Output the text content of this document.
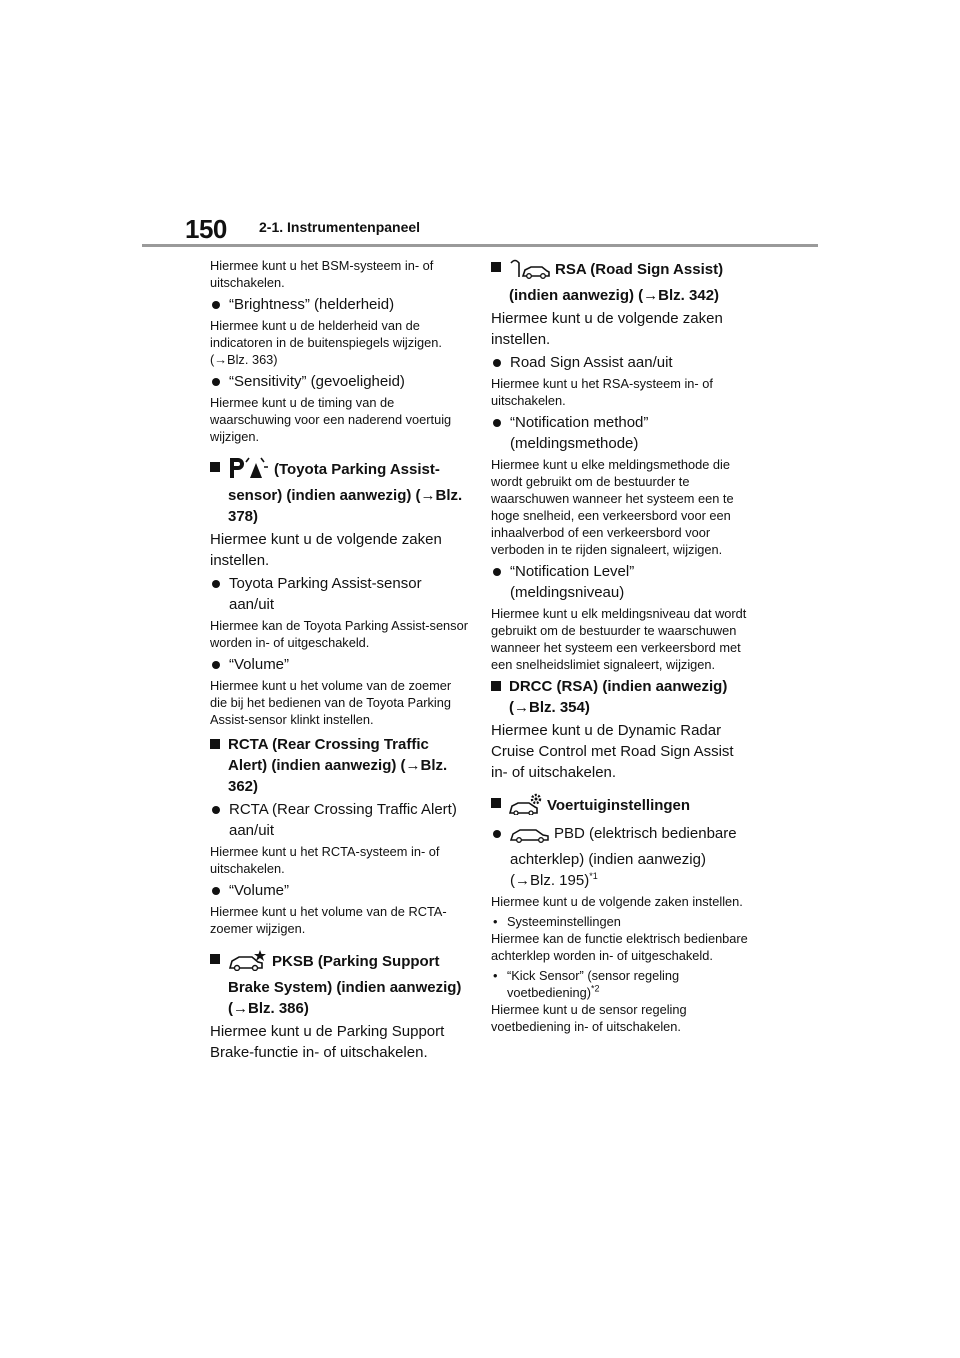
150 2-1. Instrumentenpaneel

Hiermee kunt u het BSM-systeem in- of uitschakelen.

“Brightness” (helderheid)

Hiermee kunt u de helderheid van de indicatoren in de buitenspiegels wijzigen.

(→Blz. 363)

“Sensitivity” (gevoeligheid)

Hiermee kunt u de timing van de waarschuwing voor een naderend voertuig wijzigen.

(Toyota Parking Assist-sensor) (indien aanwezig) (→Blz. 378)

Hiermee kunt u de volgende zaken instellen.

Toyota Parking Assist-sensor aan/uit

Hiermee kan de Toyota Parking Assist-sensor worden in- of uitgeschakeld.

“Volume”

Hiermee kunt u het volume van de zoemer die bij het bedienen van de Toyota Parking Assist-sensor klinkt instellen.

RCTA (Rear Crossing Traffic Alert) (indien aanwezig) (→Blz. 362)
RCTA (Rear Crossing Traffic Alert) aan/uit

Hiermee kunt u het RCTA-systeem in- of uitschakelen.

“Volume”

Hiermee kunt u het volume van de RCTA-zoemer wijzigen.

PKSB (Parking Support Brake System) (indien aanwezig) (→Blz. 386)

Hiermee kunt u de Parking Support Brake-functie in- of uitschakelen.

RSA (Road Sign Assist) (indien aanwezig) (→Blz. 342)

Hiermee kunt u de volgende zaken instellen.

Road Sign Assist aan/uit

Hiermee kunt u het RSA-systeem in- of uitschakelen.

“Notification method” (meldingsmethode)

Hiermee kunt u elke meldingsmethode die wordt gebruikt om de bestuurder te waarschuwen wanneer het systeem een te hoge snelheid, een verkeersbord voor een inhaalverbod of een verkeersbord voor verboden in te rijden signaleert, wijzigen.

“Notification Level” (meldingsniveau)

Hiermee kunt u elk meldingsniveau dat wordt gebruikt om de bestuurder te waarschuwen wanneer het systeem een verkeersbord met een snelheidslimiet signaleert, wijzigen.

DRCC (RSA) (indien aanwezig) (→Blz. 354)

Hiermee kunt u de Dynamic Radar Cruise Control met Road Sign Assist in- of uitschakelen.

Voertuiginstellingen
PBD (elektrisch bedienbare achterklep) (indien aanwezig) (→Blz. 195)$^{*1}$

Hiermee kunt u de volgende zaken instellen.

• Systeeminstellingen

Hiermee kan de functie elektrisch bedienbare achterklep worden in- of uitgeschakeld.

• “Kick Sensor” (sensor regeling voetbediening)$^{*2}$

Hiermee kunt u de sensor regeling voetbediening in- of uitschakelen.
